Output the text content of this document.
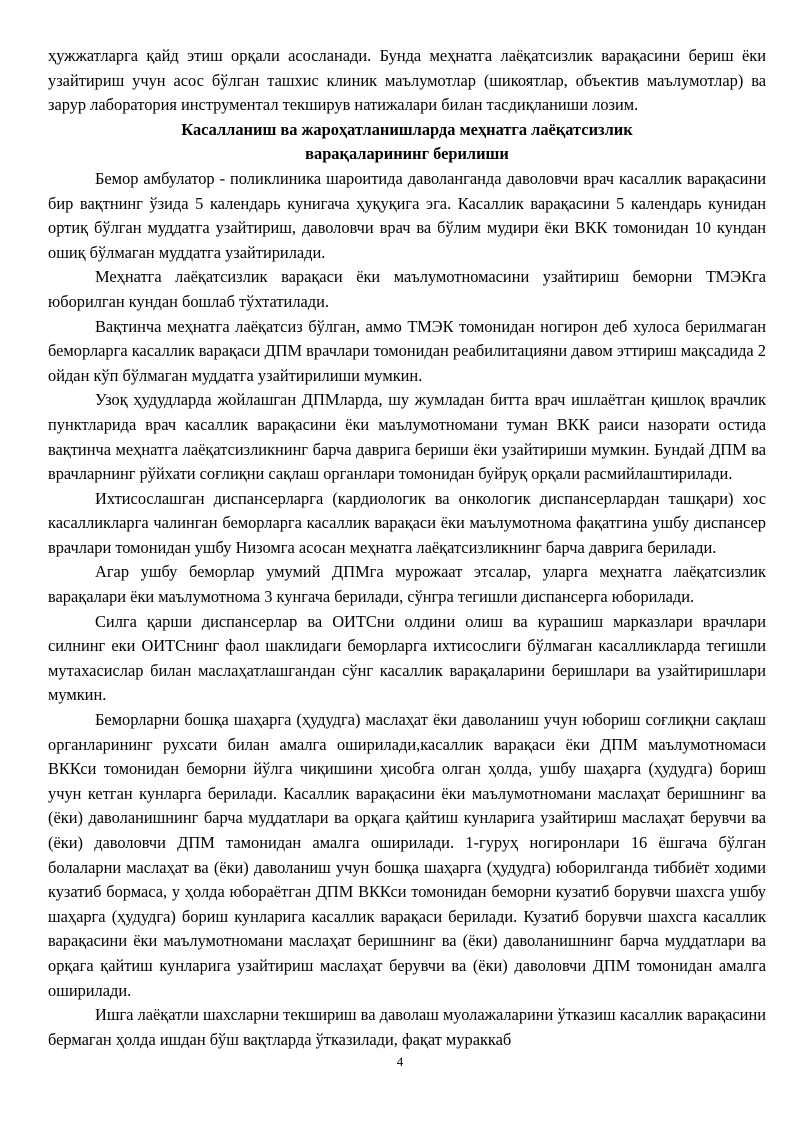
ҳужжатларга қайд этиш орқали асосланади. Бунда меҳнатга лаёқатсизлик варақасини бериш ёки узайтириш учун асос бўлган ташхис клиник маълумотлар (шикоятлар, объектив маълумотлар) ва зарур лаборатория инструментал текширув натижалари билан тасдиқланиши лозим.

Касалланиш ва жароҳатланишларда меҳнатга лаёқатсизлик
варақаларининг берилиши

Бемор амбулатор - поликлиника шароитида даволанганда даволовчи врач касаллик варақасини бир вақтнинг ўзида 5 календарь кунигача ҳуқуқига эга. Касаллик варақасини 5 календарь кунидан ортиқ бўлган муддатга узайтириш, даволовчи врач ва бўлим мудири ёки ВКК томонидан 10 кундан ошиқ бўлмаган муддатга узайтирилади.

Меҳнатга лаёқатсизлик варақаси ёки маълумотномасини узайтириш беморни ТМЭКга юборилган кундан бошлаб тўхтатилади.

Вақтинча меҳнатга лаёқатсиз бўлган, аммо ТМЭК томонидан ногирон деб хулоса берилмаган беморларга касаллик варақаси ДПМ врачлари томонидан реабилитацияни давом эттириш мақсадида 2 ойдан кўп бўлмаган муддатга узайтирилиши мумкин.

Узоқ ҳудудларда жойлашган ДПМларда, шу жумладан битта врач ишлаётган қишлоқ врачлик пунктларида врач касаллик варақасини ёки маълумотномани туман ВКК раиси назорати остида вақтинча меҳнатга лаёқатсизликнинг барча даврига бериши ёки узайтириши мумкин. Бундай ДПМ ва врачларнинг рўйхати соғлиқни сақлаш органлари томонидан буйруқ орқали расмийлаштирилади.

Ихтисослашган диспансерларга (кардиологик ва онкологик диспансерлардан ташқари) хос касалликларга чалинган беморларга касаллик варақаси ёки маълумотнома фақатгина ушбу диспансер врачлари томонидан ушбу Низомга асосан меҳнатга лаёқатсизликнинг барча даврига берилади.

Агар ушбу беморлар умумий ДПМга мурожаат этсалар, уларга меҳнатга лаёқатсизлик варақалари ёки маълумотнома 3 кунгача берилади, сўнгра тегишли диспансерга юборилади.

Силга қарши диспансерлар ва ОИТСни олдини олиш ва курашиш марказлари врачлари силнинг еки ОИТСнинг фаол шаклидаги беморларга ихтисослиги бўлмаган касалликларда тегишли мутахасислар билан маслаҳатлашгандан сўнг касаллик варақаларини беришлари ва узайтиришлари мумкин.

Беморларни бошқа шаҳарга (ҳудудга) маслаҳат ёки даволаниш учун юбориш соғлиқни сақлаш органларининг рухсати билан амалга оширилади,касаллик варақаси ёки ДПМ маълумотномаси ВККси томонидан беморни йўлга чиқишини ҳисобга олган ҳолда, ушбу шаҳарга (ҳудудга) бориш учун кетган кунларга берилади. Касаллик варақасини ёки маълумотномани маслаҳат беришнинг ва (ёки) даволанишнинг барча муддатлари ва орқага қайтиш кунларига узайтириш маслаҳат берувчи ва (ёки) даволовчи ДПМ тамонидан амалга оширилади. 1-гуруҳ ногиронлари 16 ёшгача бўлган болаларни маслаҳат ва (ёки) даволаниш учун бошқа шаҳарга (ҳудудга) юборилганда тиббиёт ходими кузатиб бормаса, у ҳолда юбораётган ДПМ ВККси томонидан беморни кузатиб борувчи шахсга ушбу шаҳарга (ҳудудга) бориш кунларига касаллик варақаси берилади. Кузатиб борувчи шахсга касаллик варақасини ёки маълумотномани маслаҳат беришнинг ва (ёки) даволанишнинг барча муддатлари ва орқага қайтиш кунларига узайтириш маслаҳат берувчи ва (ёки) даволовчи ДПМ томонидан амалга оширилади.

Ишга лаёқатли шахсларни текшириш ва даволаш муолажаларини ўтказиш касаллик варақасини бермаган ҳолда ишдан бўш вақтларда ўтказилади, фақат мураккаб

4
